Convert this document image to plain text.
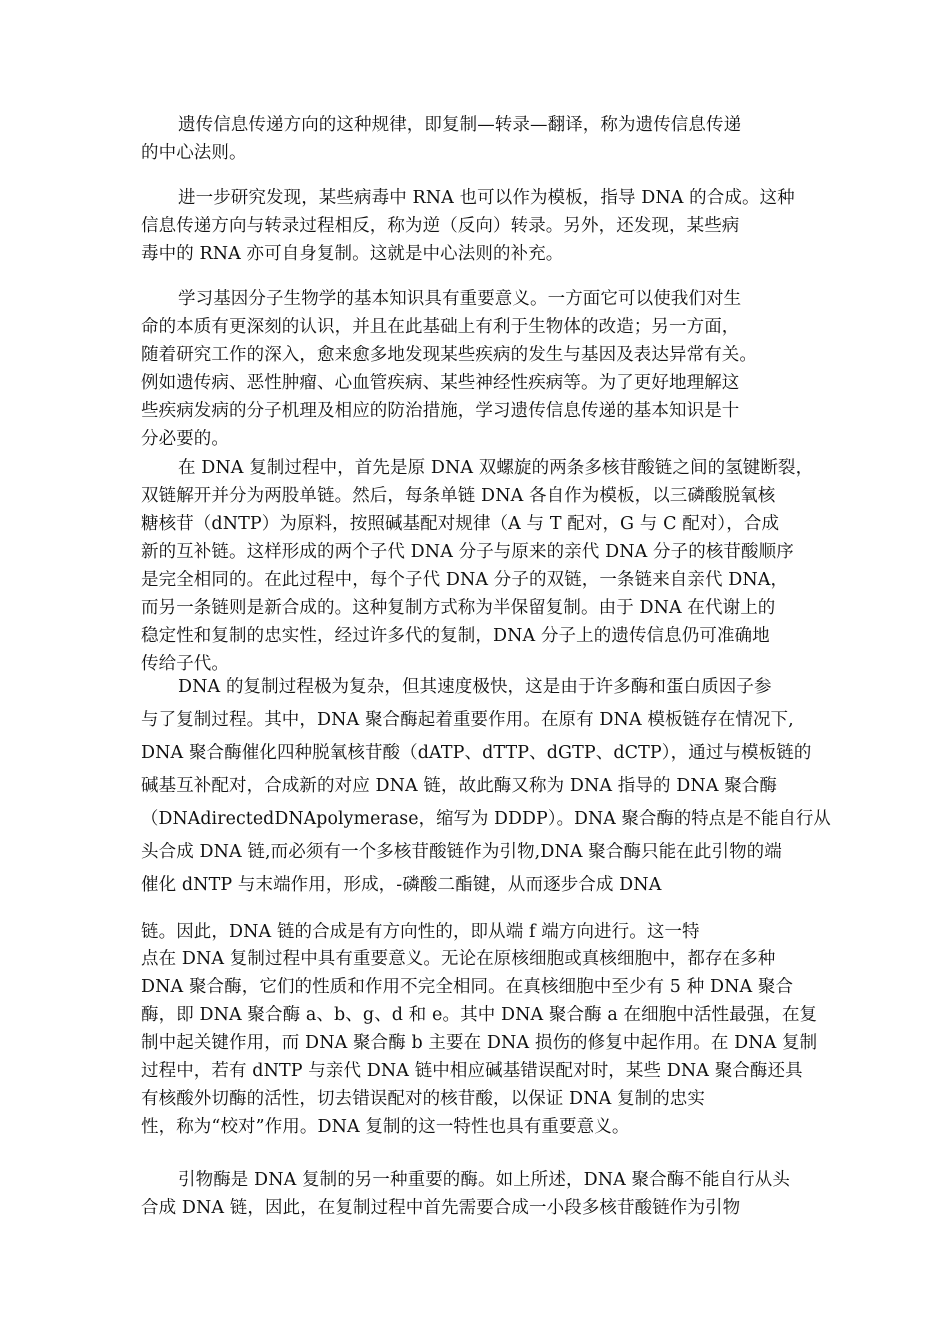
遗传信息传递方向的这种规律，即复制—转录—翻译，称为遗传信息传递
的中心法则。
进一步研究发现，某些病毒中 RNA 也可以作为模板，指导 DNA 的合成。这种
信息传递方向与转录过程相反，称为逆（反向）转录。另外，还发现，某些病
毒中的 RNA 亦可自身复制。这就是中心法则的补充。
学习基因分子生物学的基本知识具有重要意义。一方面它可以使我们对生
命的本质有更深刻的认识，并且在此基础上有利于生物体的改造；另一方面，
随着研究工作的深入，愈来愈多地发现某些疾病的发生与基因及表达异常有关。
例如遗传病、恶性肿瘤、心血管疾病、某些神经性疾病等。为了更好地理解这
些疾病发病的分子机理及相应的防治措施，学习遗传信息传递的基本知识是十
分必要的。
在 DNA 复制过程中，首先是原 DNA 双螺旋的两条多核苷酸链之间的氢键断裂，
双链解开并分为两股单链。然后，每条单链 DNA 各自作为模板，以三磷酸脱氧核
糖核苷（dNTP）为原料，按照碱基配对规律（A 与 T 配对，G 与 C 配对），合成
新的互补链。这样形成的两个子代 DNA 分子与原来的亲代 DNA 分子的核苷酸顺序
是完全相同的。在此过程中，每个子代 DNA 分子的双链，一条链来自亲代 DNA，
而另一条链则是新合成的。这种复制方式称为半保留复制。由于 DNA 在代谢上的
稳定性和复制的忠实性，经过许多代的复制，DNA 分子上的遗传信息仍可准确地
传给子代。
DNA 的复制过程极为复杂，但其速度极快，这是由于许多酶和蛋白质因子参
与了复制过程。其中，DNA 聚合酶起着重要作用。在原有 DNA 模板链存在情况下,
DNA 聚合酶催化四种脱氧核苷酸（dATP、dTTP、dGTP、dCTP），通过与模板链的
碱基互补配对，合成新的对应 DNA 链，故此酶又称为 DNA 指导的 DNA 聚合酶
（DNAdirectedDNApolymerase，缩写为 DDDP）。DNA 聚合酶的特点是不能自行从
头合成 DNA 链,而必须有一个多核苷酸链作为引物,DNA 聚合酶只能在此引物的端
催化 dNTP 与末端作用，形成，-磷酸二酯键，从而逐步合成 DNA
链。因此，DNA 链的合成是有方向性的，即从端 f 端方向进行。这一特
点在 DNA 复制过程中具有重要意义。无论在原核细胞或真核细胞中，都存在多种
DNA 聚合酶，它们的性质和作用不完全相同。在真核细胞中至少有 5 种 DNA 聚合
酶，即 DNA 聚合酶 a、b、g、d 和 e。其中 DNA 聚合酶 a 在细胞中活性最强，在复
制中起关键作用，而 DNA 聚合酶 b 主要在 DNA 损伤的修复中起作用。在 DNA 复制
过程中，若有 dNTP 与亲代 DNA 链中相应碱基错误配对时，某些 DNA 聚合酶还具
有核酸外切酶的活性，切去错误配对的核苷酸，以保证 DNA 复制的忠实
性，称为“校对”作用。DNA 复制的这一特性也具有重要意义。
引物酶是 DNA 复制的另一种重要的酶。如上所述，DNA 聚合酶不能自行从头
合成 DNA 链，因此，在复制过程中首先需要合成一小段多核苷酸链作为引物
